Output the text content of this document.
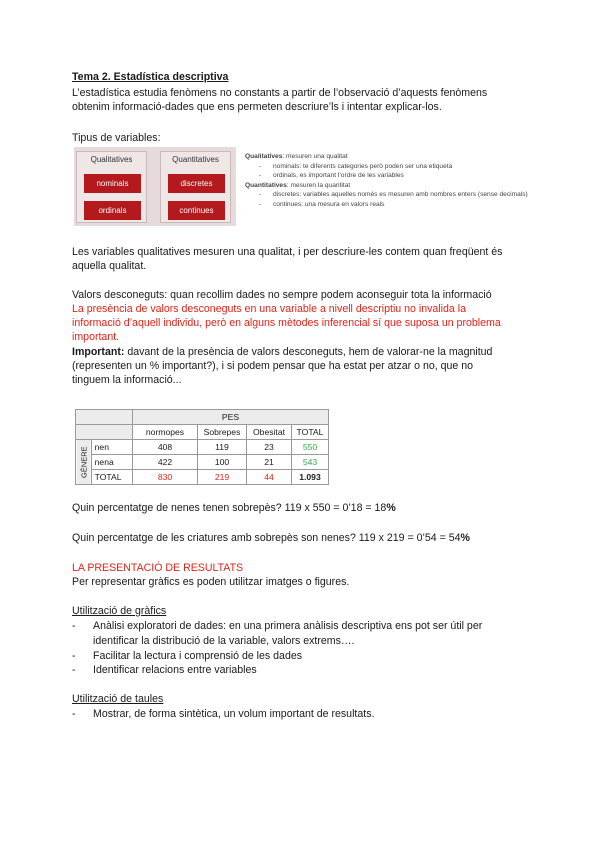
Tema 2. Estadística descriptiva
L’estadística estudia fenòmens no constants a partir de l’observació d’aquests fenòmens
obtenim informació-dades que ens permeten descriure’ls i intentar explicar-los.
Tipus de variables:
Qualitatives
nominals
ordinals
Quantitatives
discretes
continues
Qualitatives: mesuren una qualitat
- nominals: te diferents categories però poden ser una etiqueta
- ordinals, es important l’ordre de les variables
Quantitatives: mesuren la quantitat
- discretes: variables aquelles només es mesuren amb nombres enters (sense decimals)
- continues: una mesura en valors reals
Les variables qualitatives mesuren una qualitat, i per descriure-les contem quan freqüent és
aquella qualitat.
Valors desconeguts: quan recollim dades no sempre podem aconseguir tota la informació
La presència de valors desconeguts en una variable a nivell descriptiu no invalida la
informació d’aquell individu, però en alguns mètodes inferencial sí que suposa un problema
important.
Important: davant de la presència de valors desconeguts, hem de valorar-ne la magnitud
(representen un % important?), i si podem pensar que ha estat per atzar o no, que no
tinguem la informació...
		PES			
		normopes	Sobrepes	Obesitat	TOTAL
GÈNERE	nen	408	119	23	550
	nena	422	100	21	543
	TOTAL	830	219	44	1.093
Quin percentatge de nenes tenen sobrepès? 119 x 550 = 0’18 = 18%
Quin percentatge de les criatures amb sobrepès son nenes? 119 x 219 = 0’54 = 54%
LA PRESENTACIÓ DE RESULTATS
Per representar gràfics es poden utilitzar imatges o figures.
Utilització de gràfics
- Anàlisi exploratori de dades: en una primera anàlisis descriptiva ens pot ser útil per
identificar la distribució de la variable, valors extrems….
- Facilitar la lectura i comprensió de les dades
- Identificar relacions entre variables
Utilització de taules
- Mostrar, de forma sintètica, un volum important de resultats.
